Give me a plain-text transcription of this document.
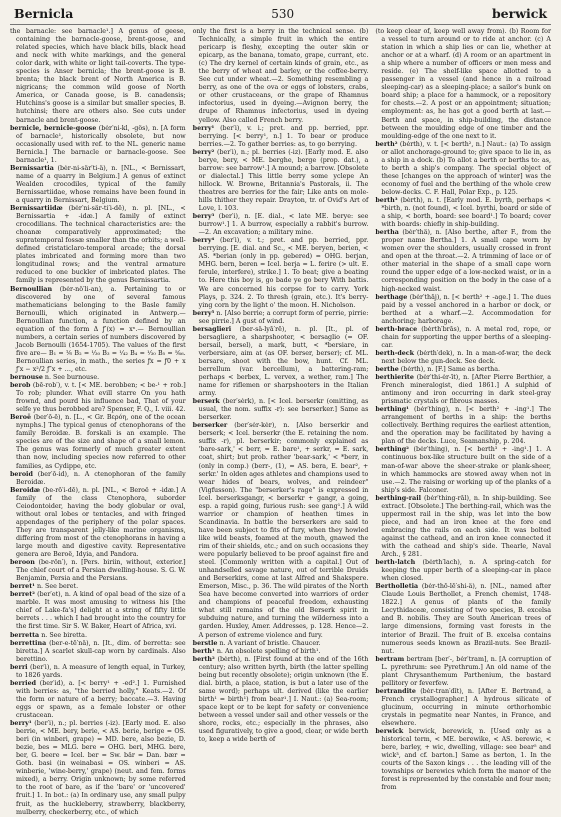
Bernicla	530	berwick

the barnacle: see barnacle¹.] A genus of geese, containing the barnacle-goose, brent-goose, and related species, which have black bills, black head and neck with white markings, and the general color dark, with white or light tail-coverts. The type-species is Anser bernicla; the brent-goose is B. brenta; the black brent of North America is B. nigricans; the common wild goose of North America, or Canada goose, is B. canadensis; Hutchins's goose is a similar but smaller species, B. hutchinsi; there are others also. See cuts under barnacle and brent-goose.

bernicle, bernicle-goose (bėr′ni-kl, -gös), n. [A form of barnacle¹, historically obsolete, but now occasionally used with ref. to the NL. generic name Bernicla.] The barnacle or barnacle-goose. See barnacle¹, 1.

Bernissartia (bėr-ni-sär′ti-ä), n. [NL., < Bernissart, name of a quarry in Belgium.] A genus of extinct Wealden crocodiles, typical of the family Bernissartiidae, whose remains have been found in a quarry in Bernissart, Belgium.

Bernissartiidæ (bėr′ni-sär-ti′i-dē), n. pl. [NL., < Bernissartia + -idæ.] A family of extinct crocodilians. The technical characteristics are: the choanæ comparatively approximated; the supratemporal fossæ smaller than the orbits; a well-defined cristaticlaro-temporal arcade; the dorsal plates imbricated and forming more than two longitudinal rows; and the ventral armature reduced to one buckler of imbricated plates. The family is represented by the genus Bernissartia.

Bernoullian (bėr-nö′li-an), a. Pertaining to or discovered by one of several famous mathematicians belonging to the Basle family Bernoulli, which originated in Antwerp.— Bernoullian function, a function defined by an equation of the form Δ ƒ′(x) = xⁿ.— Bernoullian numbers, a certain series of numbers discovered by Jacob Bernoulli (1654-1705). The values of the first five are— B₁ = ⅙ B₂ = ¹⁄₃₀ B₃ = ¹⁄₄₂ B₄ = ¹⁄₃₀ B₅ = ⁵⁄₆₆. Bernoullian series, in math., the series ƒx = ƒ0 + x ƒ′x − x²/2 ƒ″x + …, etc.

bernouse n. See burnouse.

berob (bē-rob′), v. t. [< ME. berobben; < be-¹ + rob.] To rob; plunder. What evill starre On you hath frownd, and pourd his influence bad, That of your selfe ye thus berobbed are? Spenser, F. Q., I. viii. 42.

Beroë (ber′ō-ē), n. [L., < Gr. Βερόη, one of the ocean nymphs.] The typical genus of ctenophorans of the family Beroidæ. B. forskali is an example. The species are of the size and shape of a small lemon. The genus was formerly of much greater extent than now, including species now referred to other families, as Cydippe, etc.

beroid (ber′ō-id), n. A ctenophoran of the family Beroidæ.

Beroidæ (be-rō′i-dē), n. pl. [NL., < Beroë + -idæ.] A family of the class Ctenophora, suborder Ceiodontoider, having the body globular or oval, without oral lobes or tentacles, and with fringed appendages of the periphery of the polar spaces. They are transparent jelly-like marine organisms, differing from most of the ctenophorans in having a large mouth and digestive cavity. Representative genera are Beroë, Idyia, and Pandora.

beroon (be-rön′), n. [Pers. biriin, without, exterior.] The chief court of a Persian dwelling-house. S. G. W. Benjamin, Persia and the Persians.

berret¹ n. See beret.

berret² (ber′et), n. A kind of opal bead of the size of a marble. It was most amusing to witness his [the chief of Lake-fa's] delight at a string of fifty little berrets . . . which I had brought into the country for the first time. Sir S. W. Baker, Heart of Africa, xvi.

berretta n. See biretta.

berrettina (ber-e-tē′nä), n. [It., dim. of berretta: see biretta.] A scarlet skull-cap worn by cardinals. Also berettino.

berri (ber′i), n. A measure of length equal, in Turkey, to 1826 yards.

berried (ber′id), a. [< berry¹ + -ed².] 1. Furnished with berries: as, "the berried holly," Keats.—2. Of the form or nature of a berry; baccate.—3. Having eggs or spawn, as a female lobster or other crustacean.

berry¹ (ber′i), n.; pl. berries (-iz). [Early mod. E. also berrie, < ME. bery, berie, < AS. berie, berige = OS. beri (in winberi, grape) = MD. bere, also bezie, D. bezie, bes = MLG. bere = OHG. beri, MHG. bere, ber, G. beere = Icel. ber = Sw. bär = Dan. bær = Goth. basi (in weinabasi = OS. winberi = AS. winberie, 'wine-berry,' grape) (neut. and fem. forms mixed), a berry. Origin unknown; by some referred to the root of bare, as if the 'bare' or 'uncovered' fruit.] 1. In bot.: (a) In ordinary use, any small pulpy fruit, as the huckleberry, strawberry, blackberry, mulberry, checkerberry, etc., of which

only the first is a berry in the technical sense. (b) Technically, a simple fruit in which the entire pericarp is fleshy, excepting the outer skin or epicarp, as the banana, tomato, grape, currant, etc. (c) The dry kernel of certain kinds of grain, etc., as the berry of wheat and barley, or the coffee-berry. See cut under wheat.—2. Something resembling a berry, as one of the ova or eggs of lobsters, crabs, or other crustaceans, or the grape of Rhamnus infectorius, used in dyeing.—Avignon berry, the drupe of Rhamnus infectorius, used in dyeing yellow. Also called French berry.

berry¹ (ber′i), v. i.; pret. and pp. berried, ppr. berrying. [< berry¹, n.] 1. To bear or produce berries.—2. To gather berries: as, to go berrying.

berry² (ber′i), n.; pl. berries (-iz). [Early mod. E. also berye, bery, < ME. berghe, berge (prop. dat.), a barrow: see barrow¹.] A mound; a barrow. [Obsolete or dialectal.] This little berry some yclepe An hillock. W. Browne, Britannia's Pastorals, ii. The theatres are berries for the fair; Like ants on mole-hills thither they repair. Drayton, tr. of Ovid's Art of Love, l. 103.

berry³ (ber′i), n. [E. dial., < late ME. berye: see burrow¹.] 1. A burrow, especially a rabbit's burrow.—2. An excavation; a military mine.

berry⁴ (ber′i), v. t.; pret. and pp. berried, ppr. berrying. [E. dial. and Sc., < ME. beryen, berien, < AS. *berian (only in pp. gebered) = OHG. berjan, MHG. bern, beren = Icel. berja = L. ferire (> ult. E. ferule, interfere), strike.] 1. To beat; give a beating to. Here this boy is, go bade ye go bery With battis. We are concerned his corpse for to carry. York Plays, p. 324. 2. To thresh (grain, etc.). It's berry-ying corn by the light o' the moon. H. Nicholson.

berry⁵ n. [Also berrie; a corrupt form of perrie, pirrie: see pirrie.] A gust of wind.

bersaglieri (ber-sä-lyā′rē), n. pl. [It., pl. of bersagliere, a sharpshooter, < bersaglio (= OF. bersail, bersel), a mark, butt, < *bersiare, in verbersiare, aim at (as OF. berser, berser); cf. ML. bersare, shoot with the bow, hunt. Cf. ML. berrellum (var. bercellum), a battering-ram; perhaps < berbex, L. vervex, a wether, ram.] The name for riflemen or sharpshooters in the Italian army.

berserk (ber′sėrk), n. [< Icel. berserkr (omitting, as usual, the nom. suffix -r): see berserker.] Same as berserker.

berserker (ber′sėr-kėr), n. [Also berserkir and berserk; < Icel. berserkr (the E. retaining the nom. suffix -r), pl. berserkir; commonly explained as 'bare-sark,' < berr, = E. bare¹, + serkr, = E. sark, coat, shirt; but prob. rather 'bear-sark,' < *berr, in (only in comp.) (berr-, (1), = AS. bera, E. bear², + serkr.' In olden ages athletes and champions used to wear hides of bears, wolves, and reindeer" (Vigfusson). The "berserker's rage" is expressed in Icel. berserksgangr, < berserkr + gangr, a going, esp. a rapid going, furious rush: see gang¹.] A wild warrior or champion of heathen times in Scandinavia. In battle the berserkers are said to have been subject to fits of fury, when they howled like wild beasts, foamed at the mouth, gnawed the rim of their shields, etc.; and on such occasions they were popularly believed to be proof against fire and steel. [Commonly written with a capital.] Out of unhandselled savage nature, out of terrible Druids and Berserkirs, come at last Alfred and Shakspere. Emerson, Misc., p. 36. The wild pirates of the North Sea have become converted into warriors of order and champions of peaceful freedom, exhausting what still remains of the old Berserk spirit in subduing nature, and turning the wilderness into a garden. Huxley, Amer. Addresses, p. 128. Hence—2. A person of extreme violence and fury.

berstle n. A variant of bristle. Chaucer.

berth¹ n. An obsolete spelling of birth¹.

berth² (bėrth), n. [First found at the end of the 16th century; also written byrth, birth (the latter spelling being but recently obsolete); origin unknown (the E. dial. birth, a place, station, is but a later use of the same word); perhaps ult. derived (like the earlier birth¹ = birth¹) from bear¹.] I. Naut.: (a) Sea-room; space kept or to be kept for safety or convenience between a vessel under sail and other vessels or the shore, rocks, etc.; especially in the phrases, also used figuratively, to give a good, clear, or wide berth to, keep a wide berth of

(to keep clear of, keep well away from). (b) Room for a vessel to turn around or to ride at anchor. (c) A station in which a ship lies or can lie, whether at anchor or at a wharf. (d) A room or an apartment in a ship where a number of officers or men mess and reside. (e) The shelf-like space allotted to a passenger in a vessel (and hence in a railroad sleeping-car) as a sleeping-place; a sailor's bunk on board ship; a place for a hammock, or a repository for chests.—2. A post or an appointment; situation; employment: as, he has got a good berth at last.—Berth and space, in ship-building, the distance between the moulding edge of one timber and the moulding-edge of the one next to it.

berth² (bėrth), v. t. [< berth², n.] Naut.: (a) To assign or allot anchorage-ground to; give space to lie in, as a ship in a dock. (b) To allot a berth or berths to: as, to berth a ship's company. The special object of these [changes on the approach of winter] was the economy of fuel and the berthing of the whole crew below-decks. C. F. Hall, Polar Exp., p. 125.

berth³ (bėrth), n. t. [Early mod. E. byrth, perhaps < *birth, n. (not found), < Icel. byrthi, board or side of a ship, < borth, board: see board¹.] To board; cover with boards: chiefly in ship-building.

bertha (bėr′thä), n. [Also berthe, after F., from the proper name Bertha.] 1. A small cape worn by women over the shoulders, usually crossed in front and open at the throat.—2. A trimming of lace or of other material in the shape of a small cape worn round the upper edge of a low-necked waist, or in a corresponding position on the body in the case of a high-necked waist.

berthage (bėr′thāj), n. [< berth² + -age.] 1. The dues paid by a vessel anchored in a harbor or dock, or berthed at a wharf.—2. Accommodation for anchoring; harborage.

berth-brace (bėrth′brās), n. A metal rod, rope, or chain for supporting the upper berths of a sleeping-car.

berth-deck (bėrth′dek), n. In a man-of-war, the deck next below the gun-deck. See deck.

berthe (bėrth), n. [F.] Same as bertha.

berthierite (bėr′thi-ėr-īt), n. [After Pierre Berthier, a French mineralogist, died 1861.] A sulphid of antimony and iron occurring in dark steel-gray prismatic crystals or fibrous masses.

berthing¹ (bėr′thing), n. [< berth² + -ing¹.] The arrangement of berths in a ship: the berths collectively. Berthing requires the earliest attention, and the operation may be facilitated by having a plan of the decks. Luce, Seamanship, p. 204.

berthing² (bėr′thing), n. [< berth³ + -ing¹.] 1. A continuous box-like structure built on the side of a man-of-war above the sheer-strake or plank-sheer, in which hammocks are stowed away when not in use.—2. The raising or working up of the planks of a ship's side. Falconer.

berthing-rail (bėr′thing-rāl), n. In ship-building. See extract. [Obsolete.] The berthing-rail, which was the uppermost rail in the ship, was let into the bow piece, and had an iron knee at the fore end embracing the rails on each side. It was bolted against the cathead, and an iron knee connected it with the cathead and ship's side. Thearle, Naval Arch., § 281.

berth-latch (bėrth′lach), n. A spring-catch for keeping the upper berth of a sleeping-car in place when closed.

Bertholletia (bėr-thō-lē′shi-ä), n. [NL., named after Claude Louis Berthollet, a French chemist, 1748-1822.] A genus of plants of the family Lecythidaceæ, consisting of two species, B. excelsa and B. nobilis. They are South American trees of large dimensions, forming vast forests in the interior of Brazil. The fruit of B. excelsa contains numerous seeds known as Brazil-nuts. See Brazil-nut.

bertram bertram [ber′-, bėr′tram], n. [A corruption of L. pyrethrum: see Pyrethrum.] An old name of the plant Chrysanthemum Parthenium, the bastard pellitory or feverfew.

bertrandite (bėr-tran′dīt), n. [After E. Bertrand, a French crystallographer.] A hydrous silicate of glucinum, occurring in minute orthorhombic crystals in pegmatite near Nantes, in France, and elsewhere.

berwick berwick, berewick, n. [Used only as a historical term, < ME. berewike, < AS. berewic, < bere, barley, + wic, dwelling, village: see bear⁵ and wick³, and cf. barton.] Same as berton, 1. In the courts of the Saxon kings . . . the leading vill of the townships or berewics which form the manor of the forest is represented by the constable and four men; from
